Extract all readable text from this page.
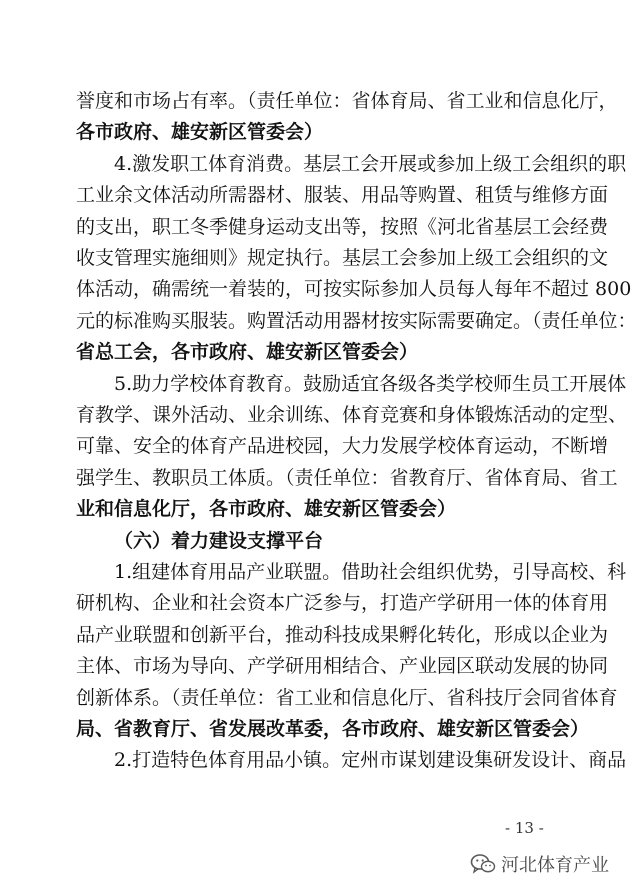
誉度和市场占有率。（责任单位：省体育局、省工业和信息化厅，
各市政府、雄安新区管委会）
4.激发职工体育消费。基层工会开展或参加上级工会组织的职
工业余文体活动所需器材、服装、用品等购置、租赁与维修方面
的支出，职工冬季健身运动支出等，按照《河北省基层工会经费
收支管理实施细则》规定执行。基层工会参加上级工会组织的文
体活动，确需统一着装的，可按实际参加人员每人每年不超过 800
元的标准购买服装。购置活动用器材按实际需要确定。（责任单位：
省总工会，各市政府、雄安新区管委会）
5.助力学校体育教育。鼓励适宜各级各类学校师生员工开展体
育教学、课外活动、业余训练、体育竞赛和身体锻炼活动的定型、
可靠、安全的体育产品进校园，大力发展学校体育运动，不断增
强学生、教职员工体质。（责任单位：省教育厅、省体育局、省工
业和信息化厅，各市政府、雄安新区管委会）
（六）着力建设支撑平台
1.组建体育用品产业联盟。借助社会组织优势，引导高校、科
研机构、企业和社会资本广泛参与，打造产学研用一体的体育用
品产业联盟和创新平台，推动科技成果孵化转化，形成以企业为
主体、市场为导向、产学研用相结合、产业园区联动发展的协同
创新体系。（责任单位：省工业和信息化厅、省科技厅会同省体育
局、省教育厅、省发展改革委，各市政府、雄安新区管委会）
2.打造特色体育用品小镇。定州市谋划建设集研发设计、商品
- 13 -
河北体育产业
